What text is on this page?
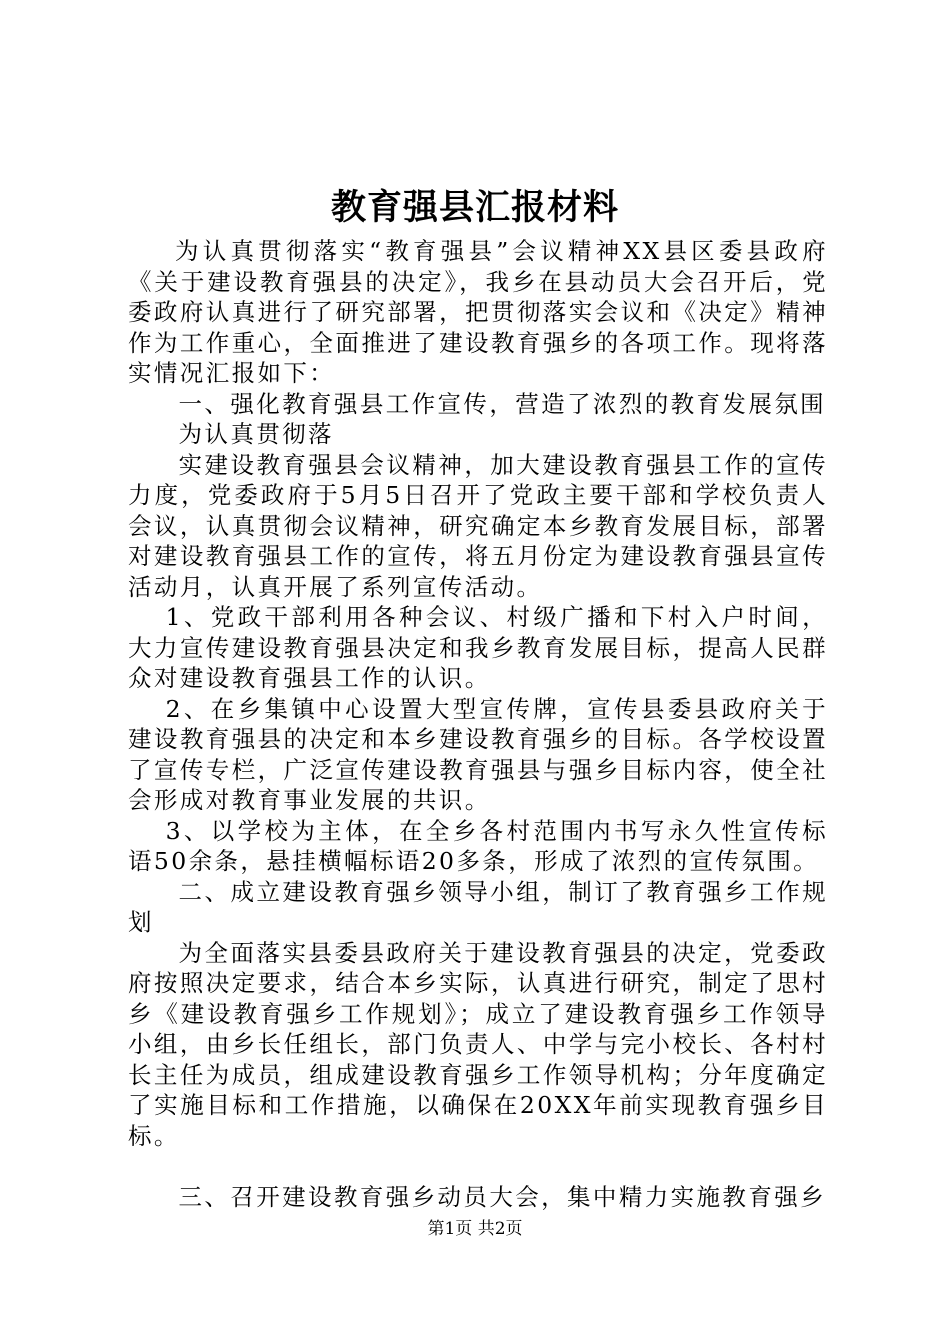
教育强县汇报材料

为认真贯彻落实“教育强县”会议精神XX县区委县政府《关于建设教育强县的决定》，我乡在县动员大会召开后，党委政府认真进行了研究部署，把贯彻落实会议和《决定》精神作为工作重心，全面推进了建设教育强乡的各项工作。现将落实情况汇报如下：

一、强化教育强县工作宣传，营造了浓烈的教育发展氛围

为认真贯彻落

实建设教育强县会议精神，加大建设教育强县工作的宣传力度，党委政府于5月5日召开了党政主要干部和学校负责人会议，认真贯彻会议精神，研究确定本乡教育发展目标，部署对建设教育强县工作的宣传，将五月份定为建设教育强县宣传活动月，认真开展了系列宣传活动。

1、党政干部利用各种会议、村级广播和下村入户时间，大力宣传建设教育强县决定和我乡教育发展目标，提高人民群众对建设教育强县工作的认识。

2、在乡集镇中心设置大型宣传牌，宣传县委县政府关于建设教育强县的决定和本乡建设教育强乡的目标。各学校设置了宣传专栏，广泛宣传建设教育强县与强乡目标内容，使全社会形成对教育事业发展的共识。

3、以学校为主体，在全乡各村范围内书写永久性宣传标语50余条，悬挂横幅标语20多条，形成了浓烈的宣传氛围。

二、成立建设教育强乡领导小组，制订了教育强乡工作规划

为全面落实县委县政府关于建设教育强县的决定，党委政府按照决定要求，结合本乡实际，认真进行研究，制定了思村乡《建设教育强乡工作规划》；成立了建设教育强乡工作领导小组，由乡长任组长，部门负责人、中学与完小校长、各村村长主任为成员，组成建设教育强乡工作领导机构；分年度确定了实施目标和工作措施，以确保在20XX年前实现教育强乡目标。

三、召开建设教育强乡动员大会，集中精力实施教育强乡

第1页 共2页
